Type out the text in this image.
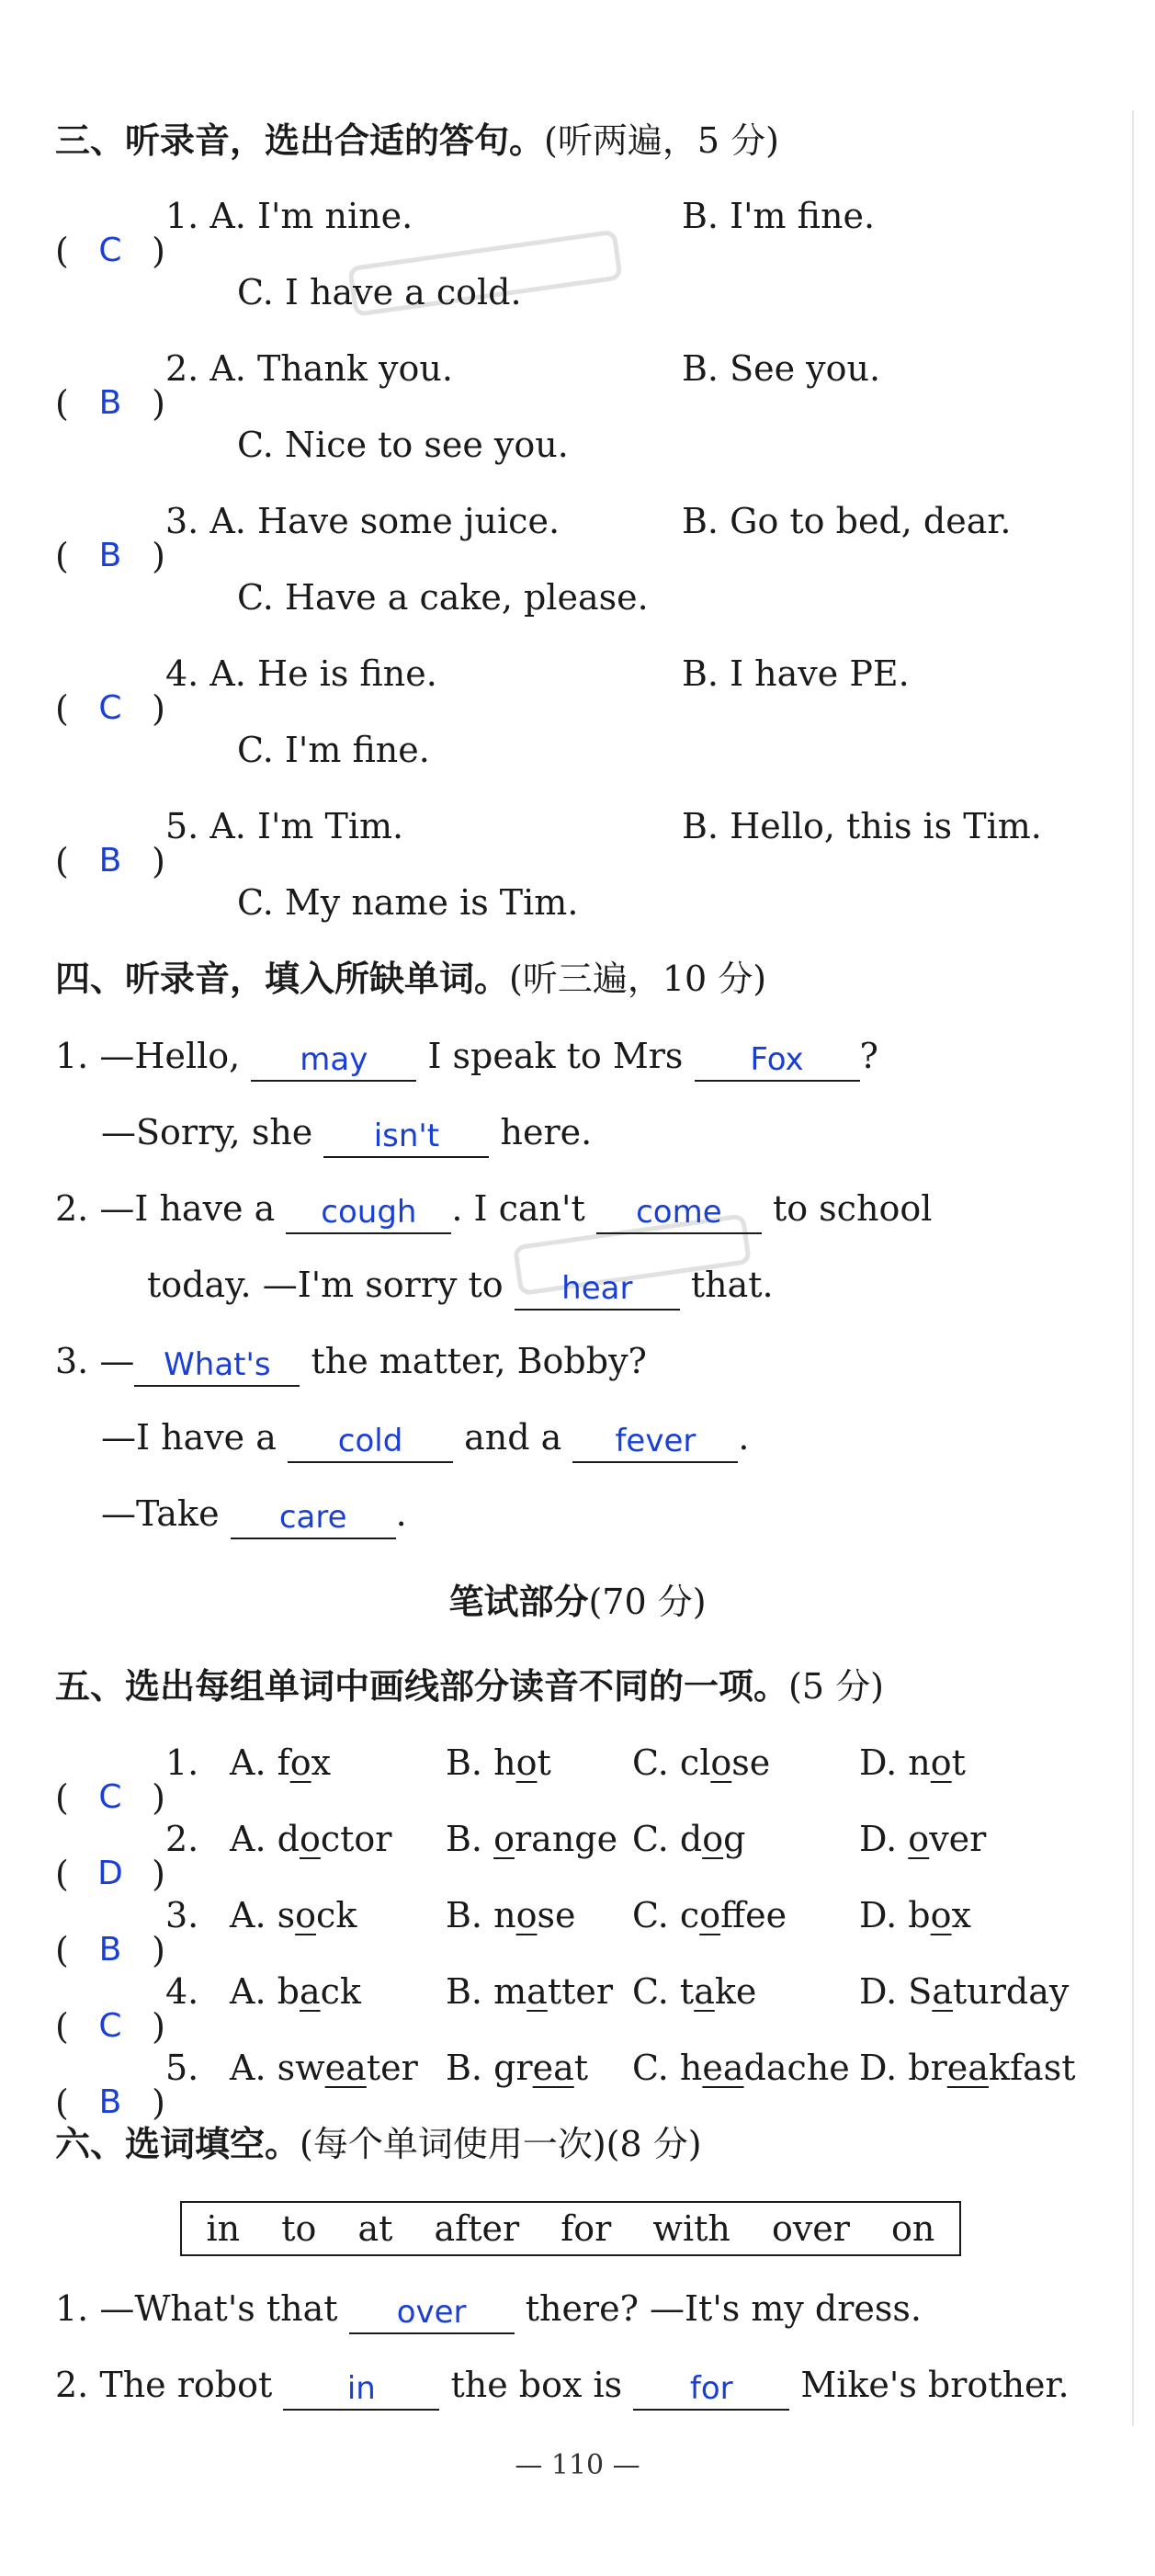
三、听录音，选出合适的答句。(听两遍，5 分)
( C )
1. A. I'm nine.	B. I'm fine.
C. I have a cold.
( B )
2. A. Thank you.	B. See you.
C. Nice to see you.
( B )
3. A. Have some juice.	B. Go to bed, dear.
C. Have a cake, please.
( C )
4. A. He is fine.	B. I have PE.
C. I'm fine.
( B )
5. A. I'm Tim.	B. Hello, this is Tim.
C. My name is Tim.
四、听录音，填入所缺单词。(听三遍，10 分)
1. —Hello, may I speak to Mrs Fox ?
—Sorry, she isn't here.
2. —I have a cough . I can't come to school
today. —I'm sorry to hear that.
3. — What's the matter, Bobby?
—I have a cold and a fever .
—Take care .
笔试部分(70 分)
五、选出每组单词中画线部分读音不同的一项。(5 分)
( C )
1. A. fox	B. hot C. close	D. not
( D )
2. A. doctor B. orange C. dog	D. over
( B )
3. A. sock	B. nose C. coffee D. box
( C )
4. A. back B. matter C. take	D. Saturday
( B )
5. A. sweater B. great C. headache D. breakfast
六、选词填空。(每个单词使用一次)(8 分)
in to at after for with over on
1. —What's that over there? —It's my dress.
2. The robot in the box is for Mike's brother.
— 110 —
